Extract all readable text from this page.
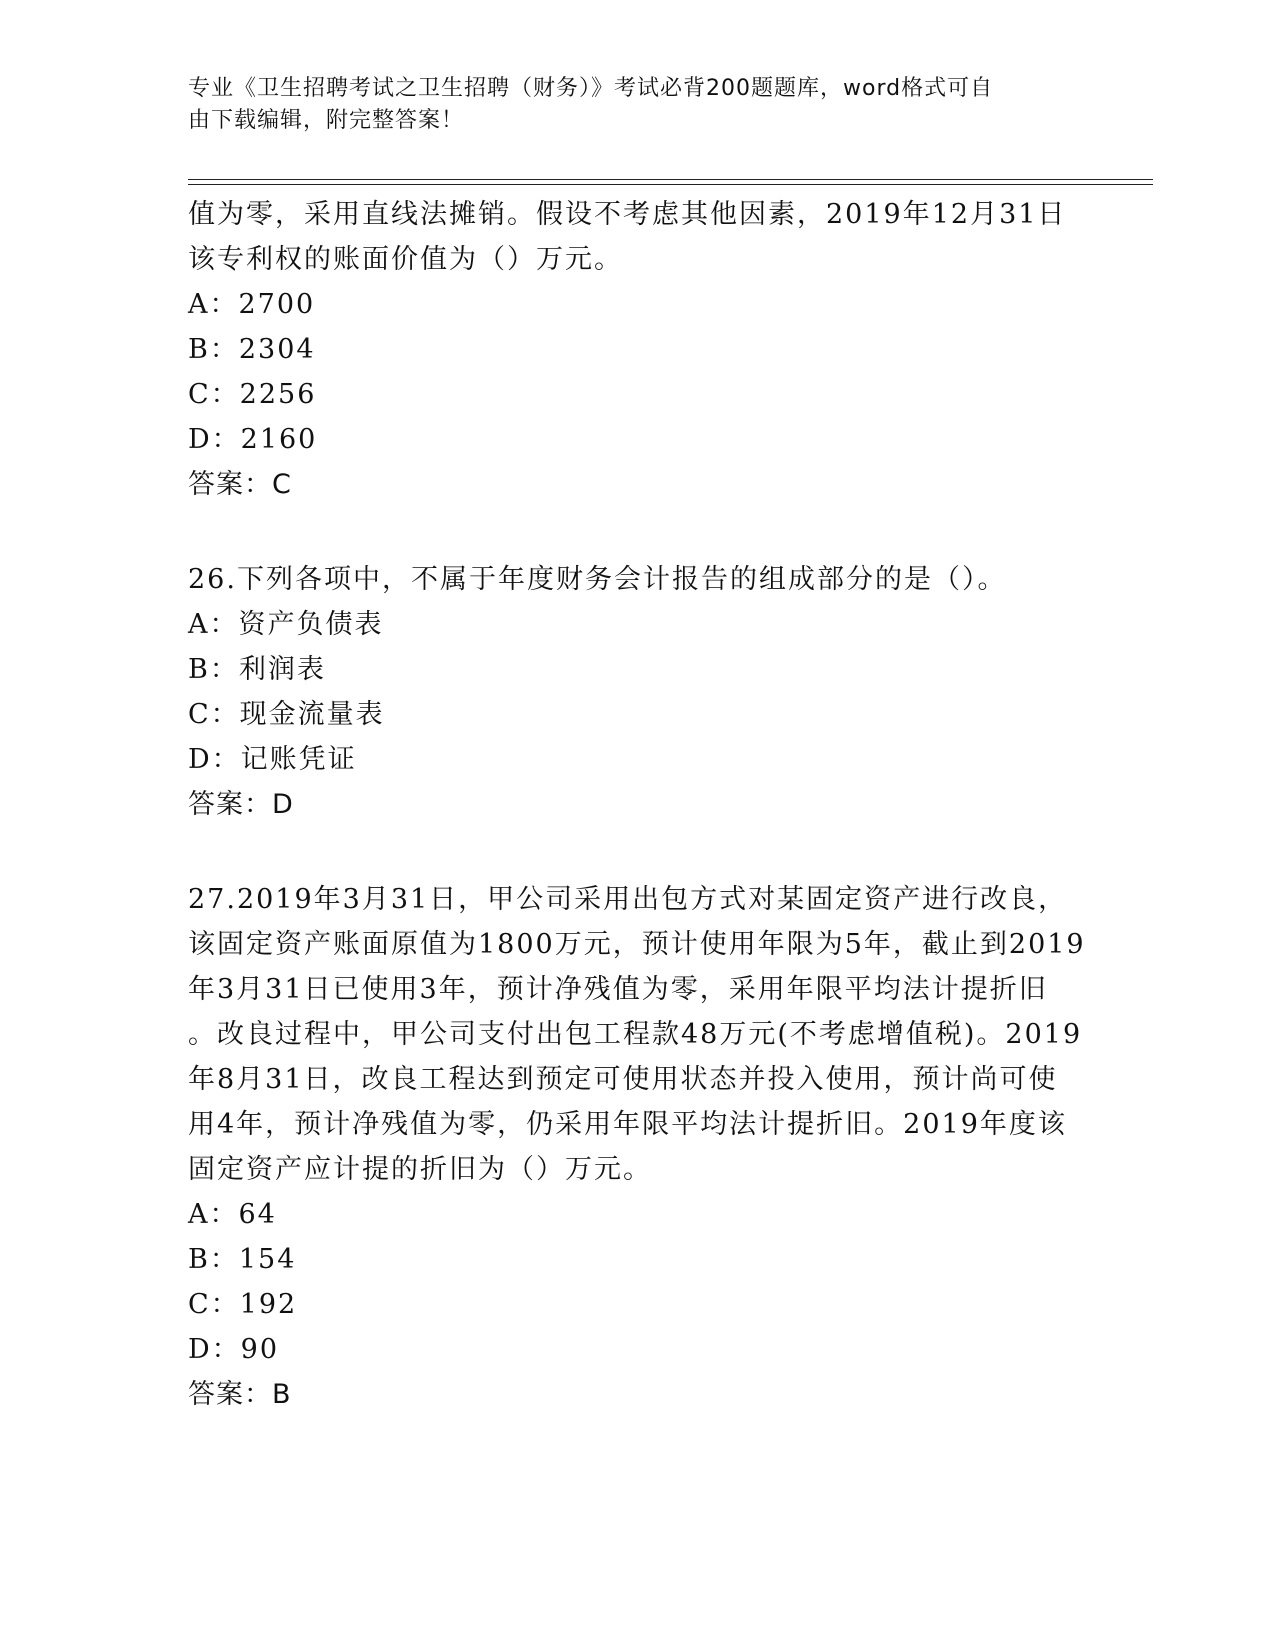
专业《卫生招聘考试之卫生招聘（财务）》考试必背200题题库，word格式可自
由下载编辑，附完整答案！

值为零，采用直线法摊销。假设不考虑其他因素，2019年12月31日

该专利权的账面价值为（）万元。

A：2700

B：2304

C：2256

D：2160

答案：C

26.下列各项中，不属于年度财务会计报告的组成部分的是（）。

A：资产负债表

B：利润表

C：现金流量表

D：记账凭证

答案：D

27.2019年3月31日，甲公司采用出包方式对某固定资产进行改良，

该固定资产账面原值为1800万元，预计使用年限为5年，截止到2019

年3月31日已使用3年，预计净残值为零，采用年限平均法计提折旧

。改良过程中，甲公司支付出包工程款48万元(不考虑增值税)。2019

年8月31日，改良工程达到预定可使用状态并投入使用，预计尚可使

用4年，预计净残值为零，仍采用年限平均法计提折旧。2019年度该

固定资产应计提的折旧为（）万元。

A：64

B：154

C：192

D：90

答案：B
